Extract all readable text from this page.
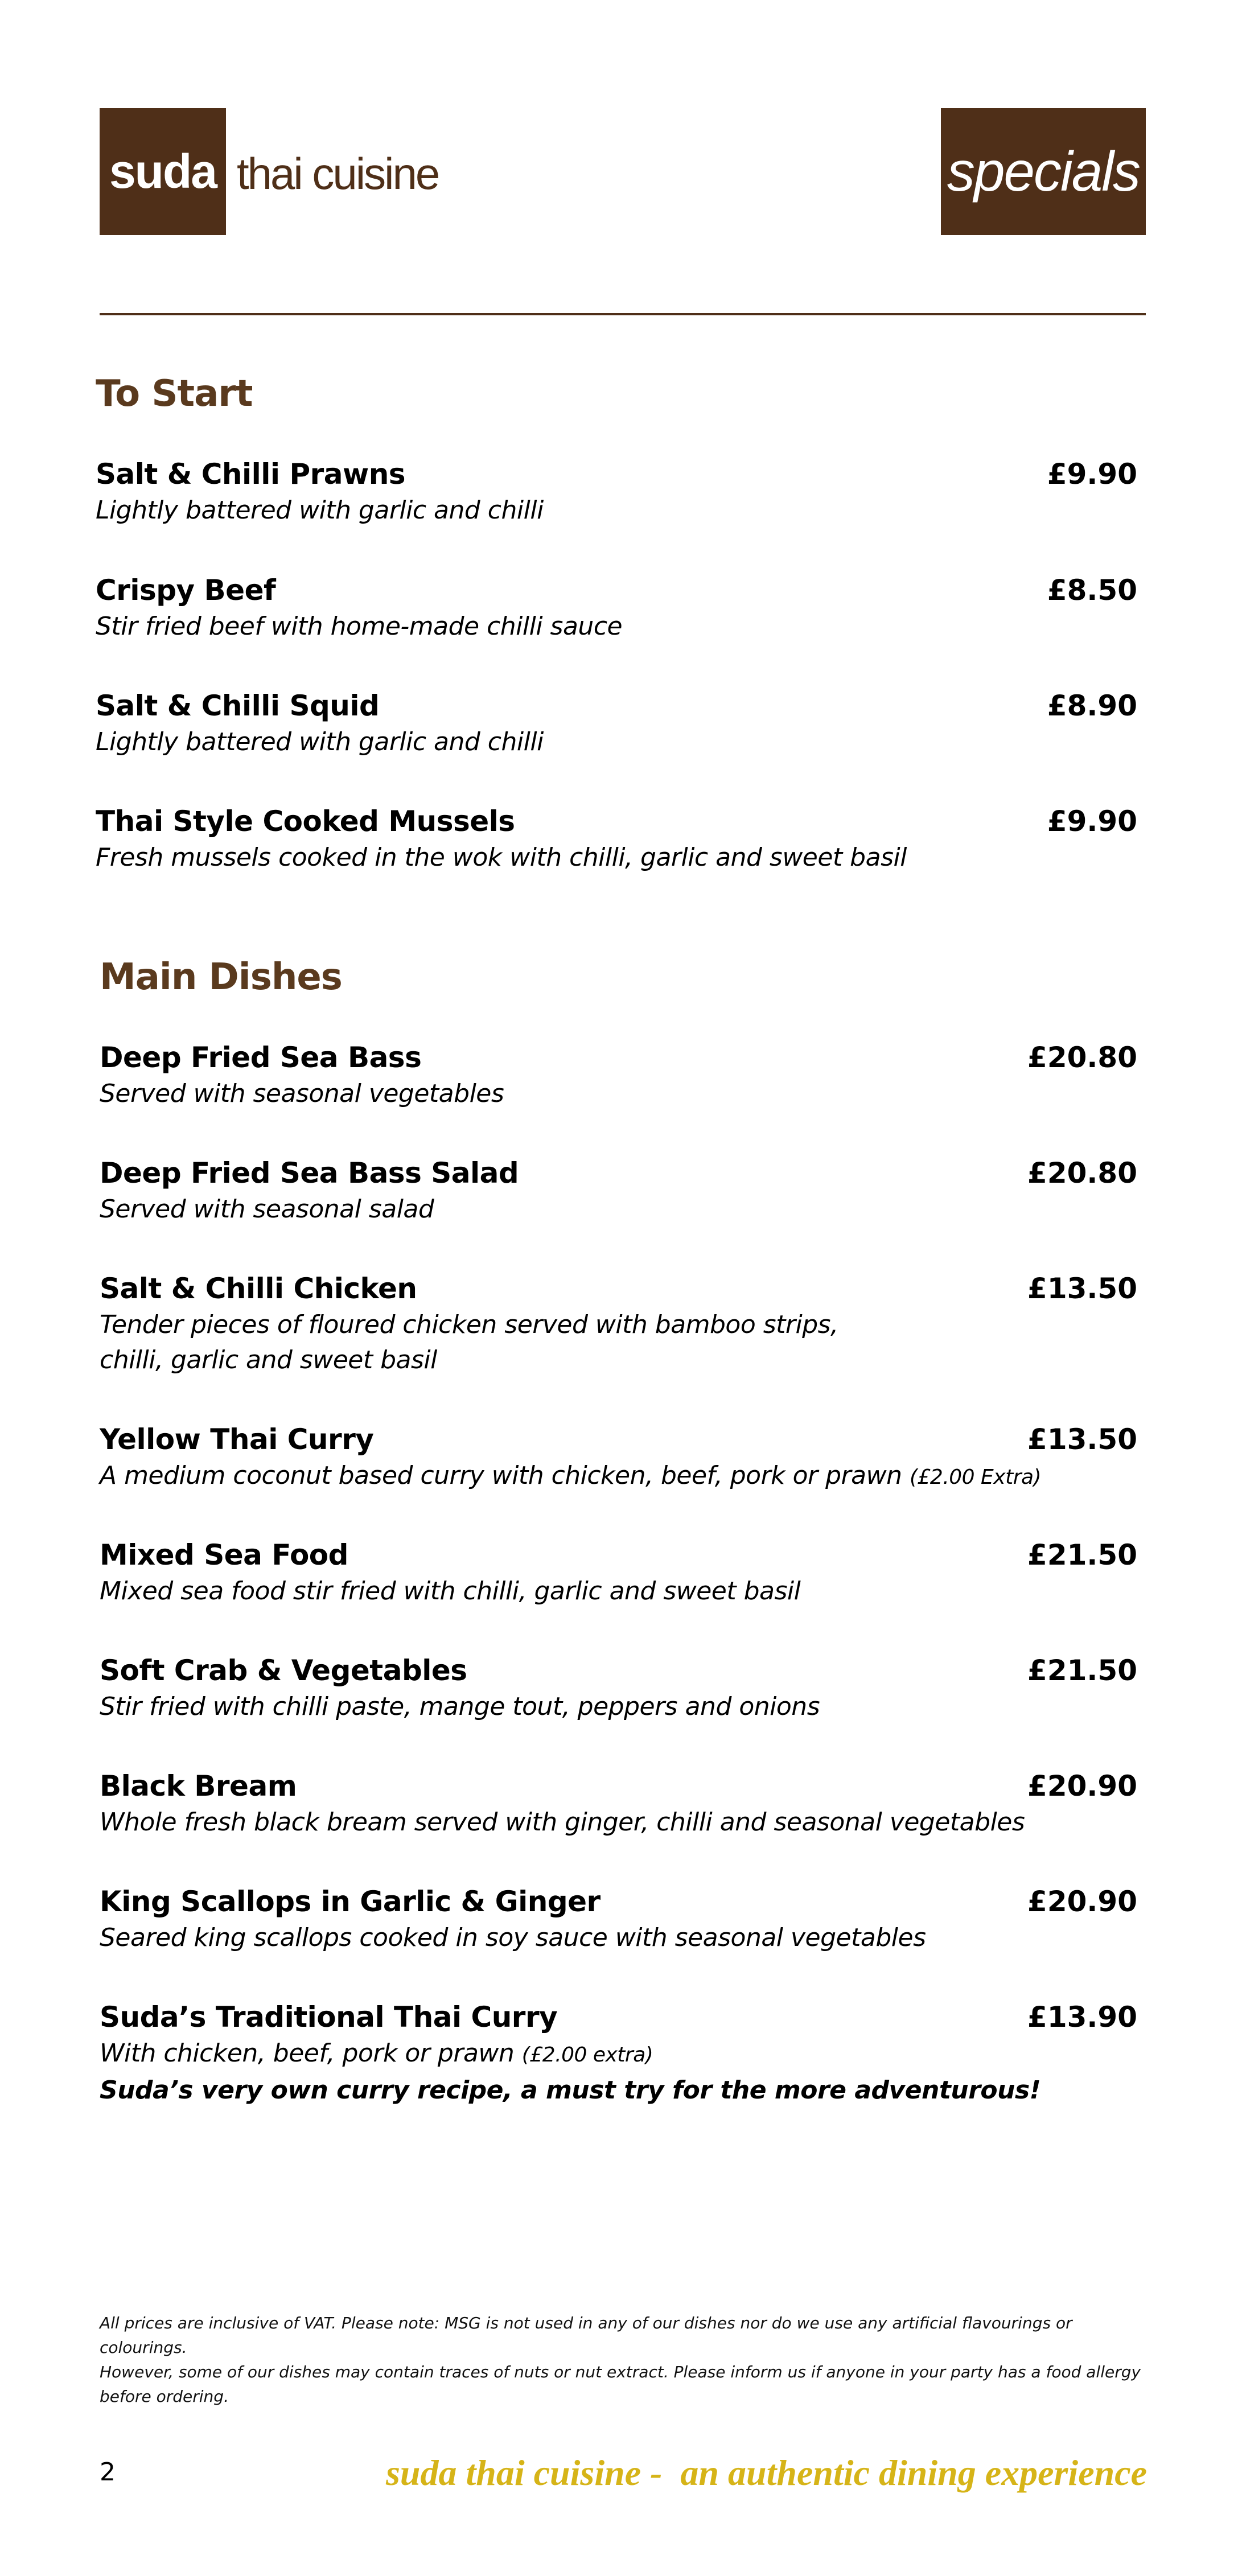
suda thai cuisine	specials
To Start
Salt & Chilli Prawns	£9.90
Lightly battered with garlic and chilli
Crispy Beef	£8.50
Stir fried beef with home-made chilli sauce
Salt & Chilli Squid	£8.90
Lightly battered with garlic and chilli
Thai Style Cooked Mussels	£9.90
Fresh mussels cooked in the wok with chilli, garlic and sweet basil
Main Dishes
Deep Fried Sea Bass	£20.80
Served with seasonal vegetables
Deep Fried Sea Bass Salad	£20.80
Served with seasonal salad
Salt & Chilli Chicken	£13.50
Tender pieces of floured chicken served with bamboo strips,
chilli, garlic and sweet basil
Yellow Thai Curry	£13.50
A medium coconut based curry with chicken, beef, pork or prawn (£2.00 Extra)
Mixed Sea Food	£21.50
Mixed sea food stir fried with chilli, garlic and sweet basil
Soft Crab & Vegetables	£21.50
Stir fried with chilli paste, mange tout, peppers and onions
Black Bream	£20.90
Whole fresh black bream served with ginger, chilli and seasonal vegetables
King Scallops in Garlic & Ginger	£20.90
Seared king scallops cooked in soy sauce with seasonal vegetables
Suda’s Traditional Thai Curry	£13.90
With chicken, beef, pork or prawn (£2.00 extra)
Suda’s very own curry recipe, a must try for the more adventurous!
All prices are inclusive of VAT. Please note: MSG is not used in any of our dishes nor do we use any artificial flavourings or colourings.
However, some of our dishes may contain traces of nuts or nut extract. Please inform us if anyone in your party has a food allergy
before ordering.
2	suda thai cuisine -  an authentic dining experience
